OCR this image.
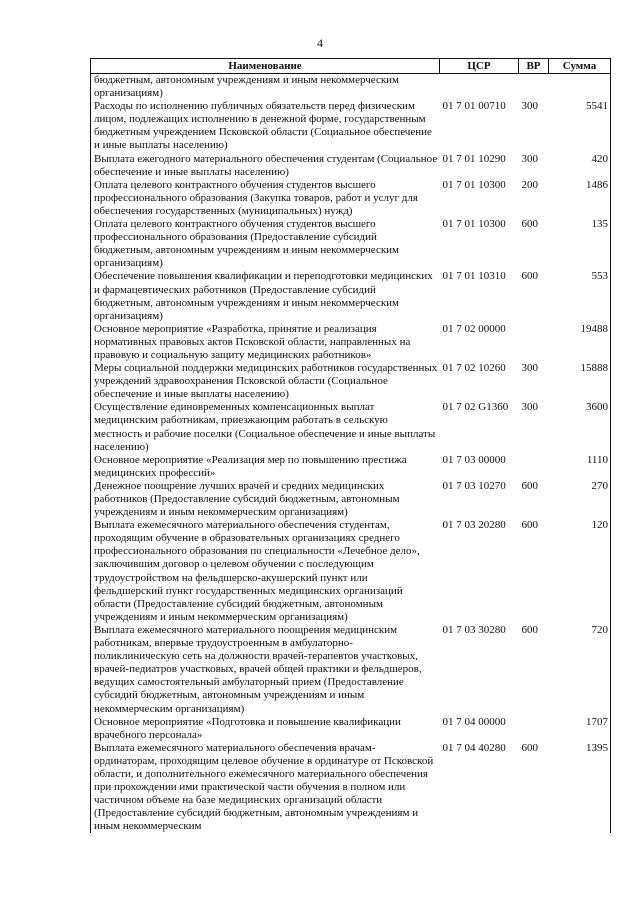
4
Наименование	ЦСР	ВР	Сумма
бюджетным, автономным учреждениям и иным некоммерческим организациям)			
Расходы по исполнению публичных обязательств перед физическим лицом, подлежащих исполнению в денежной форме, государственным бюджетным учреждением Псковской области (Социальное обеспечение и иные выплаты населению)	01 7 01 00710	300	5541
Выплата ежегодного материального обеспечения студентам (Социальное обеспечение и иные выплаты населению)	01 7 01 10290	300	420
Оплата целевого контрактного обучения студентов высшего профессионального образования (Закупка товаров, работ и услуг для обеспечения государственных (муниципальных) нужд)	01 7 01 10300	200	1486
Оплата целевого контрактного обучения студентов высшего профессионального образования (Предоставление субсидий бюджетным, автономным учреждениям и иным некоммерческим организациям)	01 7 01 10300	600	135
Обеспечение повышения квалификации и переподготовки медицинских и фармацевтических работников (Предоставление субсидий бюджетным, автономным учреждениям и иным некоммерческим организациям)	01 7 01 10310	600	553
Основное мероприятие «Разработка, принятие и реализация нормативных правовых актов Псковской области, направленных на правовую и социальную защиту медицинских работников»	01 7 02 00000		19488
Меры социальной поддержки медицинских работников государственных учреждений здравоохранения Псковской области (Социальное обеспечение и иные выплаты населению)	01 7 02 10260	300	15888
Осуществление единовременных компенсационных выплат медицинским работникам, приезжающим работать в сельскую местность и рабочие поселки (Социальное обеспечение и иные выплаты населению)	01 7 02 G1360	300	3600
Основное мероприятие «Реализация мер по повышению престижа медицинских профессий»	01 7 03 00000		1110
Денежное поощрение лучших врачей и средних медицинских работников (Предоставление субсидий бюджетным, автономным учреждениям и иным некоммерческим организациям)	01 7 03 10270	600	270
Выплата ежемесячного материального обеспечения студентам, проходящим обучение в образовательных организациях среднего профессионального образования по специальности «Лечебное дело», заключившим договор о целевом обучении с последующим трудоустройством на фельдшерско-акушерский пункт или фельдшерский пункт государственных медицинских организаций области (Предоставление субсидий бюджетным, автономным учреждениям и иным некоммерческим организациям)	01 7 03 20280	600	120
Выплата ежемесячного материального поощрения медицинским работникам, впервые трудоустроенным в амбулаторно-поликлиническую сеть на должности врачей-терапевтов участковых, врачей-педиатров участковых, врачей общей практики и фельдшеров, ведущих самостоятельный амбулаторный прием (Предоставление субсидий бюджетным, автономным учреждениям и иным некоммерческим организациям)	01 7 03 30280	600	720
Основное мероприятие «Подготовка и повышение квалификации врачебного персонала»	01 7 04 00000		1707
Выплата ежемесячного материального обеспечения врачам-ординаторам, проходящим целевое обучение в ординатуре от Псковской области, и дополнительного ежемесячного материального обеспечения при прохождении ими практической части обучения в полном или частичном объеме на базе медицинских организаций области (Предоставление субсидий бюджетным, автономным учреждениям и иным некоммерческим	01 7 04 40280	600	1395
